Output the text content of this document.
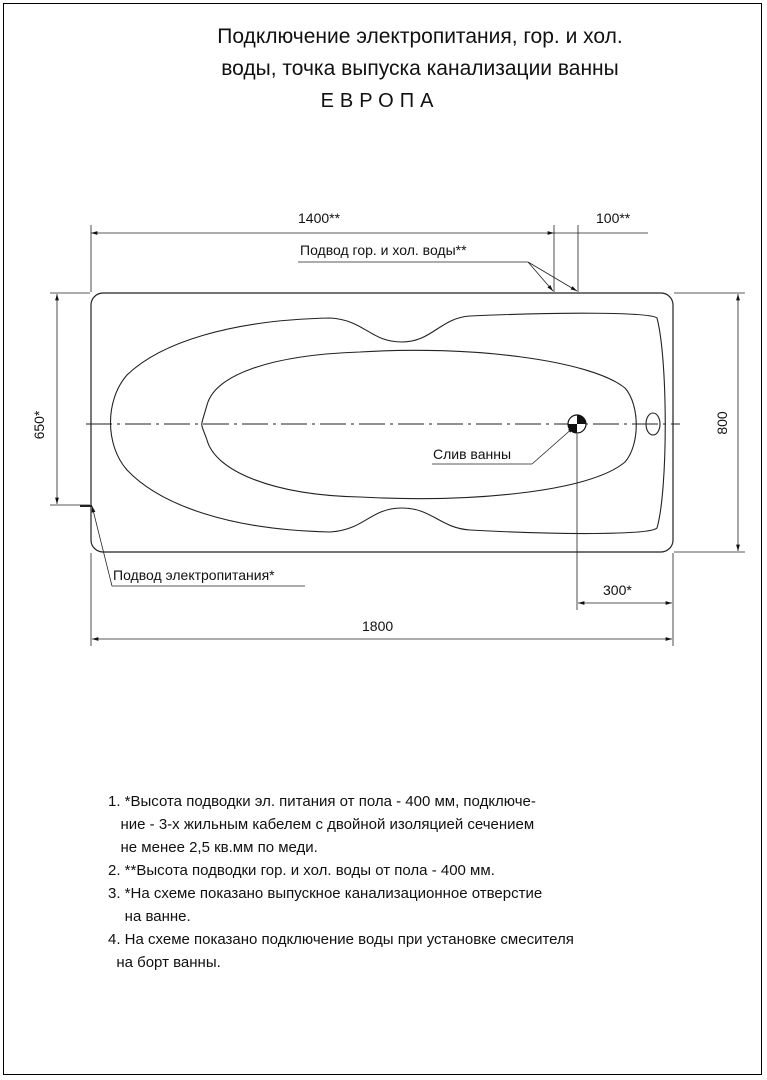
Подключение электропитания, гор. и хол.
воды, точка выпуска канализации ванны
ЕВРОПА
1400**	100**
Подвод гор. и хол. воды**
650*	800
Слив ванны
Подвод электропитания*
300*
1800
1. *Высота подводки эл. питания от пола - 400 мм, подключе-
ние - 3-х жильным кабелем с двойной изоляцией сечением
не менее 2,5 кв.мм по меди.
2. **Высота подводки гор. и хол. воды от пола - 400 мм.
3. *На схеме показано выпускное канализационное отверстие
на ванне.
4. На схеме показано подключение воды при установке смесителя
на борт ванны.
